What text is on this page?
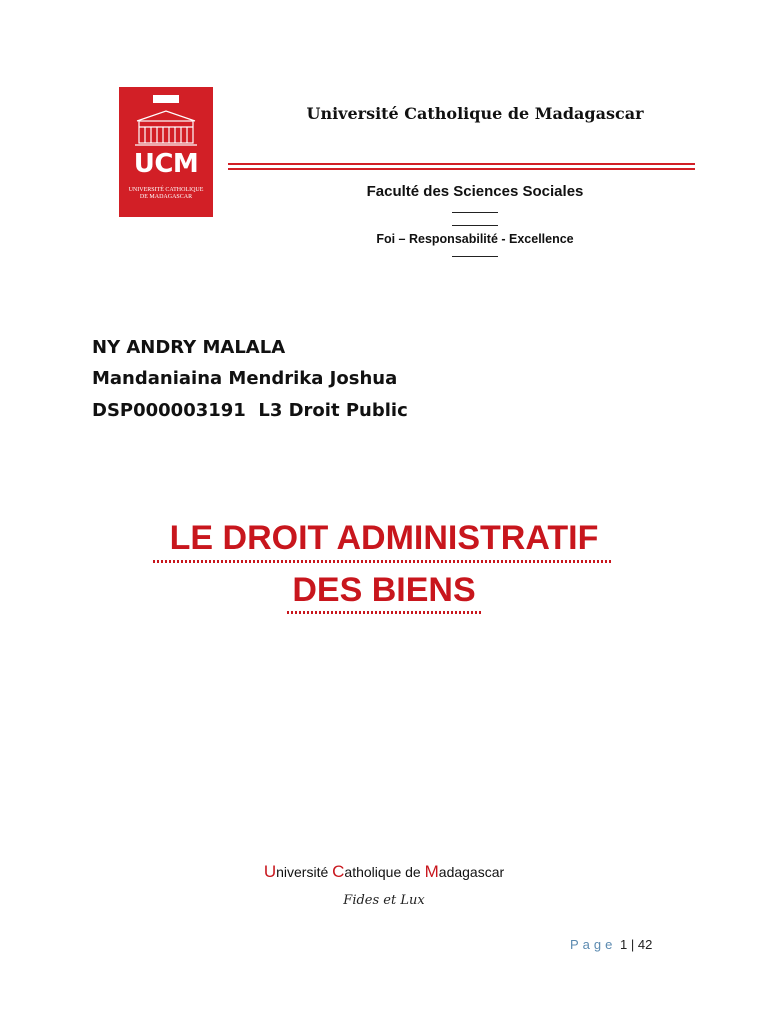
UCM
UNIVERSITÉ CATHOLIQUE
DE MADAGASCAR
Université Catholique de Madagascar
Faculté des Sciences Sociales
Foi – Responsabilité - Excellence
NY ANDRY MALALA
Mandaniaina Mendrika Joshua
DSP000003191  L3 Droit Public
LE DROIT ADMINISTRATIF
DES BIENS
Université Catholique de Madagascar
Fides et Lux
Page 1 | 42
